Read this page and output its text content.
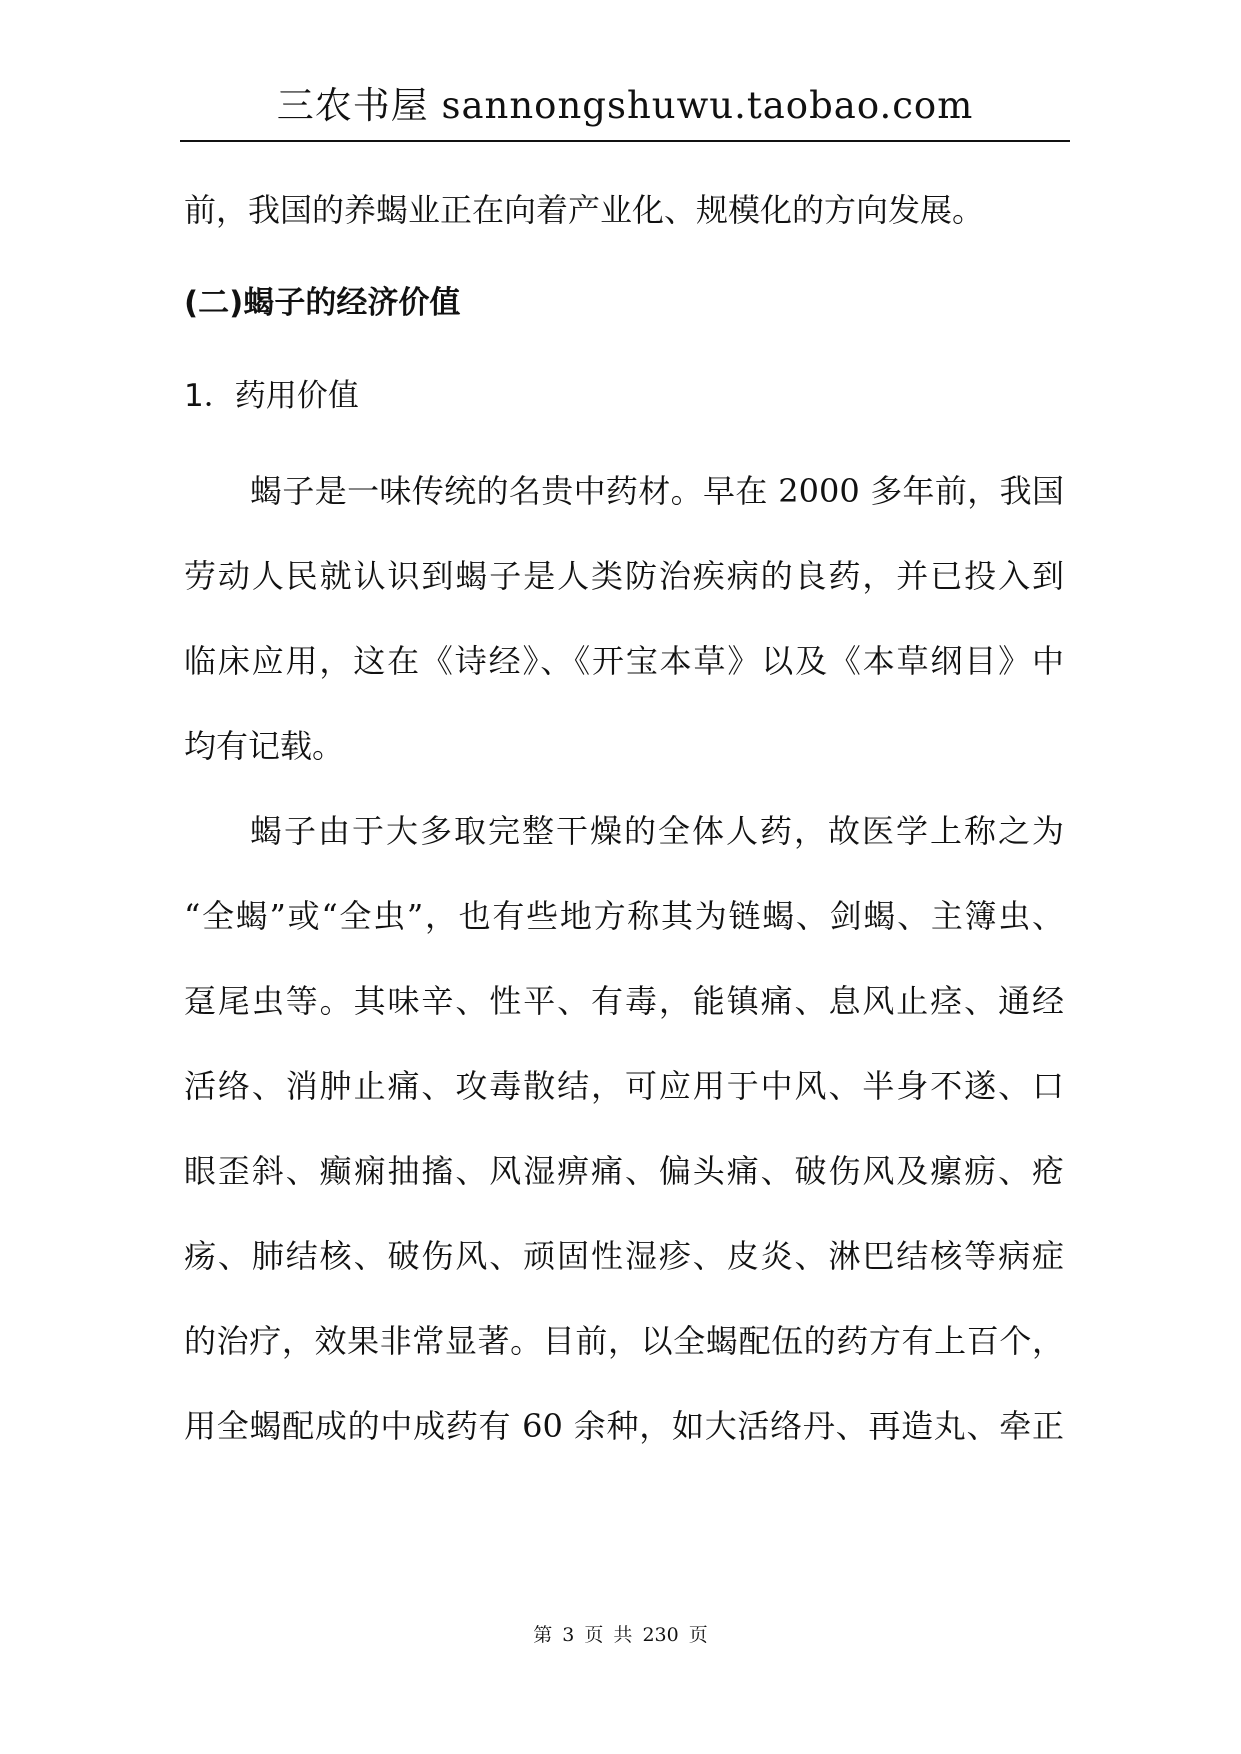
三农书屋 sannongshuwu.taobao.com

前，我国的养蝎业正在向着产业化、规模化的方向发展。

(二)蝎子的经济价值
1．药用价值

蝎子是一味传统的名贵中药材。早在 2000 多年前，我国

劳动人民就认识到蝎子是人类防治疾病的良药，并已投入到

临床应用，这在《诗经》、《开宝本草》以及《本草纲目》中

均有记载。

蝎子由于大多取完整干燥的全体人药，故医学上称之为

“全蝎”或“全虫”，也有些地方称其为链蝎、剑蝎、主簿虫、

趸尾虫等。其味辛、性平、有毒，能镇痛、息风止痉、通经

活络、消肿止痛、攻毒散结，可应用于中风、半身不遂、口

眼歪斜、癫痫抽搐、风湿痹痛、偏头痛、破伤风及瘰疬、疮

疡、肺结核、破伤风、顽固性湿疹、皮炎、淋巴结核等病症

的治疗，效果非常显著。目前，以全蝎配伍的药方有上百个，

用全蝎配成的中成药有 60 余种，如大活络丹、再造丸、牵正

第 3 页 共 230 页
